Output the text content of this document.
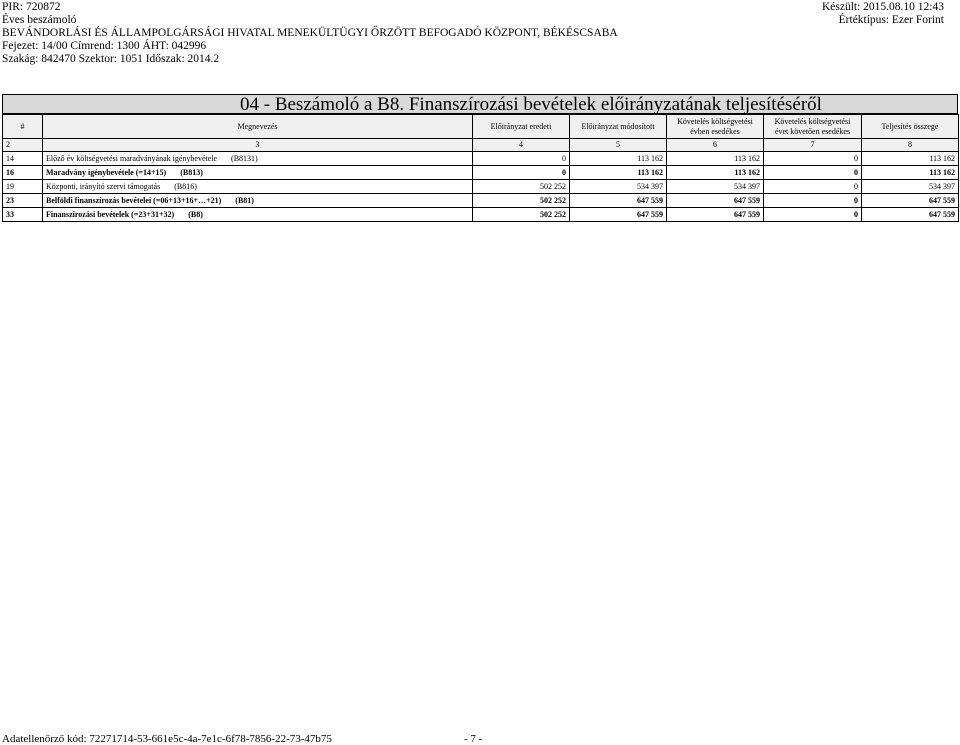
PIR: 720872
Éves beszámoló
BEVÁNDORLÁSI ÉS ÁLLAMPOLGÁRSÁGI HIVATAL MENEKÜLTÜGYI ŐRZÖTT BEFOGADÓ KÖZPONT, BÉKÉSCSABA
Fejezet: 14/00 Címrend: 1300 ÁHT: 042996
Szakág: 842470 Szektor: 1051 Időszak: 2014.2
Készült: 2015.08.10 12:43
Értéktípus: Ezer Forint
04 - Beszámoló a B8. Finanszírozási bevételek előirányzatának teljesítéséről
#	Megnevezés	Előirányzat eredeti	Előirányzat módosított	Követelés költségvetési évben esedékes	Követelés költségvetési évet követően esedékes	Teljesítés összege
2	3	4	5	6	7	8
14	Előző év költségvetési maradványának igénybevétele (B8131)	0	113 162	113 162	0	113 162
16	Maradvány igénybevétele (=14+15) (B813)	0	113 162	113 162	0	113 162
19	Központi, irányító szervi támogatás (B816)	502 252	534 397	534 397	0	534 397
23	Belföldi finanszírozás bevételei (=06+13+16+…+21) (B81)	502 252	647 559	647 559	0	647 559
33	Finanszírozási bevételek (=23+31+32) (B8)	502 252	647 559	647 559	0	647 559
Adatellenőrző kód: 72271714-53-661e5c-4a-7e1c-6f78-7856-22-73-47b75	- 7 -
